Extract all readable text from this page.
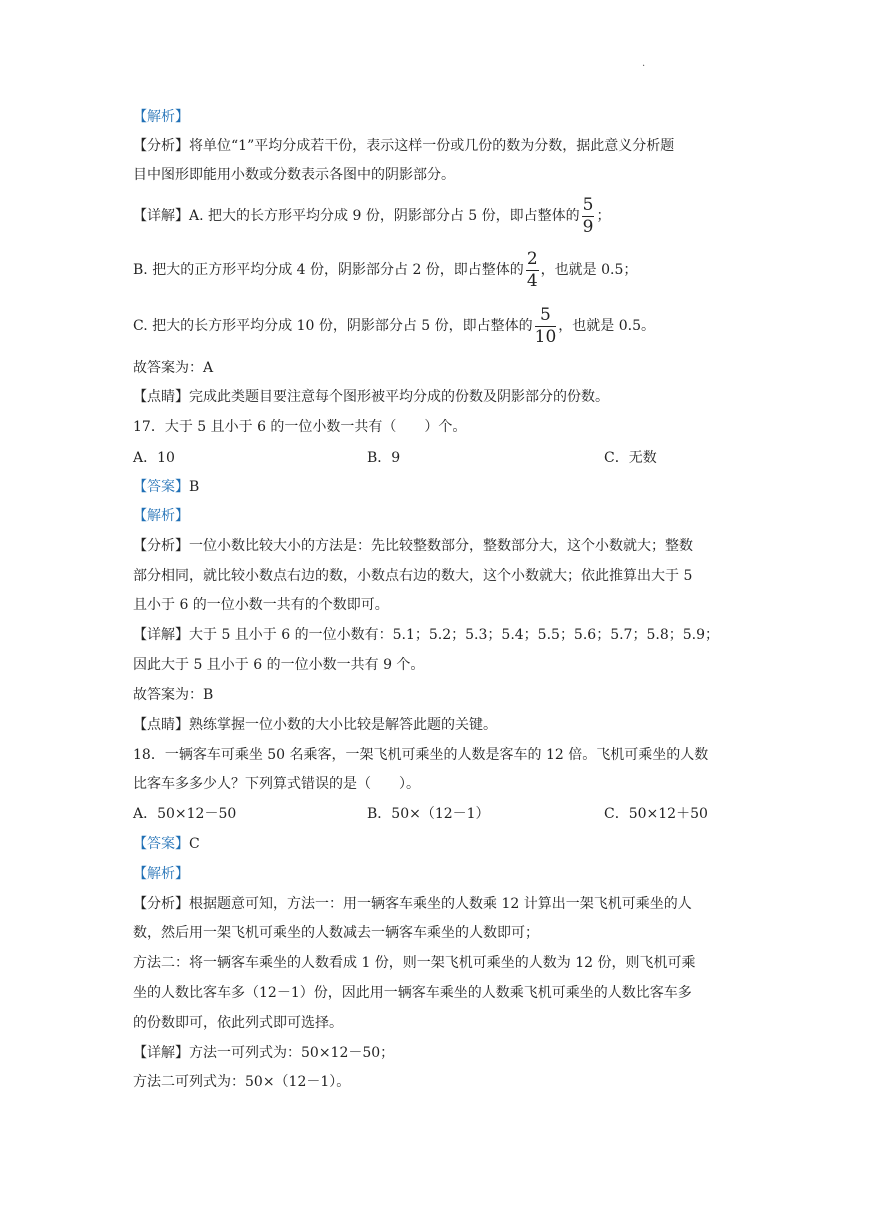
.
【解析】
【分析】将单位“1”平均分成若干份，表示这样一份或几份的数为分数，据此意义分析题
目中图形即能用小数或分数表示各图中的阴影部分。
【详解】A. 把大的长方形平均分成 9 份，阴影部分占 5 份，即占整体的 $\frac{5}{9}$ ；
B. 把大的正方形平均分成 4 份，阴影部分占 2 份，即占整体的 $\frac{2}{4}$ ，也就是 0.5；
C. 把大的长方形平均分成 10 份，阴影部分占 5 份，即占整体的 $\frac{5}{10}$ ，也就是 0.5。
故答案为：A
【点睛】完成此类题目要注意每个图形被平均分成的份数及阴影部分的份数。
17．大于 5 且小于 6 的一位小数一共有（　　）个。
A．10	B．9	C．无数
【答案】B
【解析】
【分析】一位小数比较大小的方法是：先比较整数部分，整数部分大，这个小数就大；整数
部分相同，就比较小数点右边的数，小数点右边的数大，这个小数就大；依此推算出大于 5
且小于 6 的一位小数一共有的个数即可。
【详解】大于 5 且小于 6 的一位小数有：5.1；5.2；5.3；5.4；5.5；5.6；5.7；5.8；5.9；
因此大于 5 且小于 6 的一位小数一共有 9 个。
故答案为：B
【点睛】熟练掌握一位小数的大小比较是解答此题的关键。
18．一辆客车可乘坐 50 名乘客，一架飞机可乘坐的人数是客车的 12 倍。飞机可乘坐的人数
比客车多多少人？下列算式错误的是（　　）。
A．50×12－50	B．50×（12－1）	C．50×12＋50
【答案】C
【解析】
【分析】根据题意可知，方法一：用一辆客车乘坐的人数乘 12 计算出一架飞机可乘坐的人
数，然后用一架飞机可乘坐的人数减去一辆客车乘坐的人数即可；
方法二：将一辆客车乘坐的人数看成 1 份，则一架飞机可乘坐的人数为 12 份，则飞机可乘
坐的人数比客车多（12－1）份，因此用一辆客车乘坐的人数乘飞机可乘坐的人数比客车多
的份数即可，依此列式即可选择。
【详解】方法一可列式为：50×12－50；
方法二可列式为：50×（12－1）。
